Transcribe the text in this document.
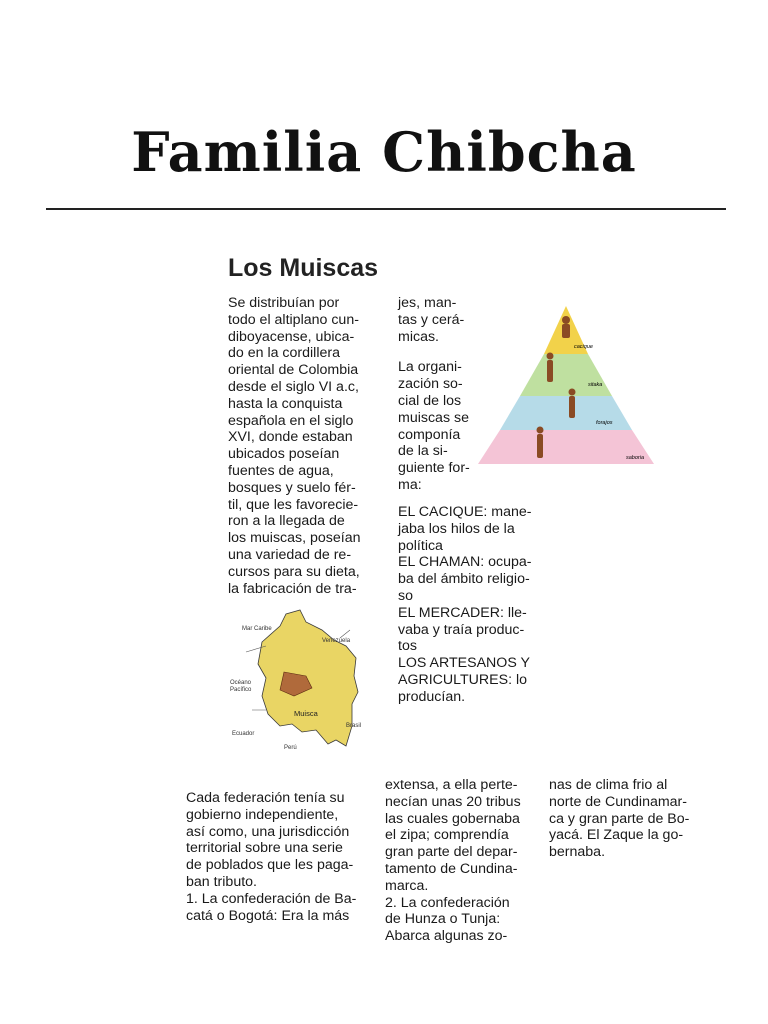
Familia Chibcha
Los Muiscas

Se distribuían por

todo el altiplano cun-

diboyacense, ubica-

do en la cordillera

oriental de Colombia

desde el siglo VI a.c,

hasta la conquista

española en el siglo

XVI, donde estaban

ubicados poseían

fuentes de agua,

bosques y suelo fér-

til, que les favorecie-

ron a la llegada de

los muiscas, poseían

una variedad de re-

cursos para su dieta,

la fabricación de tra-

jes, man-

tas y cerá-

micas.

La organi-

zación so-

cial de los

muiscas se

componía

de la si-

guiente for-

ma:

cacique
sitaka
forajos
saboria

EL CACIQUE: mane-

jaba los hilos de la

política

EL CHAMAN: ocupa-

ba del ámbito religio-

so

EL MERCADER: lle-

vaba y traía produc-

tos

LOS ARTESANOS Y

AGRICULTURES: lo

producían.

Mar Caribe
Venezuela
Océano
Pacífico
Muisca
Brasil
Ecuador
Perú

Cada federación tenía su

gobierno independiente,

así como, una jurisdicción

territorial sobre una serie

de poblados que les paga-

ban tributo.

1. La confederación de Ba-

catá o Bogotá: Era la más

extensa, a ella perte-

necían unas 20 tribus

las cuales gobernaba

el zipa; comprendía

gran parte del depar-

tamento de Cundina-

marca.

2. La confederación

de Hunza o Tunja:

Abarca algunas zo-

nas de clima frio al

norte de Cundinamar-

ca y gran parte de Bo-

yacá. El Zaque la go-

bernaba.
